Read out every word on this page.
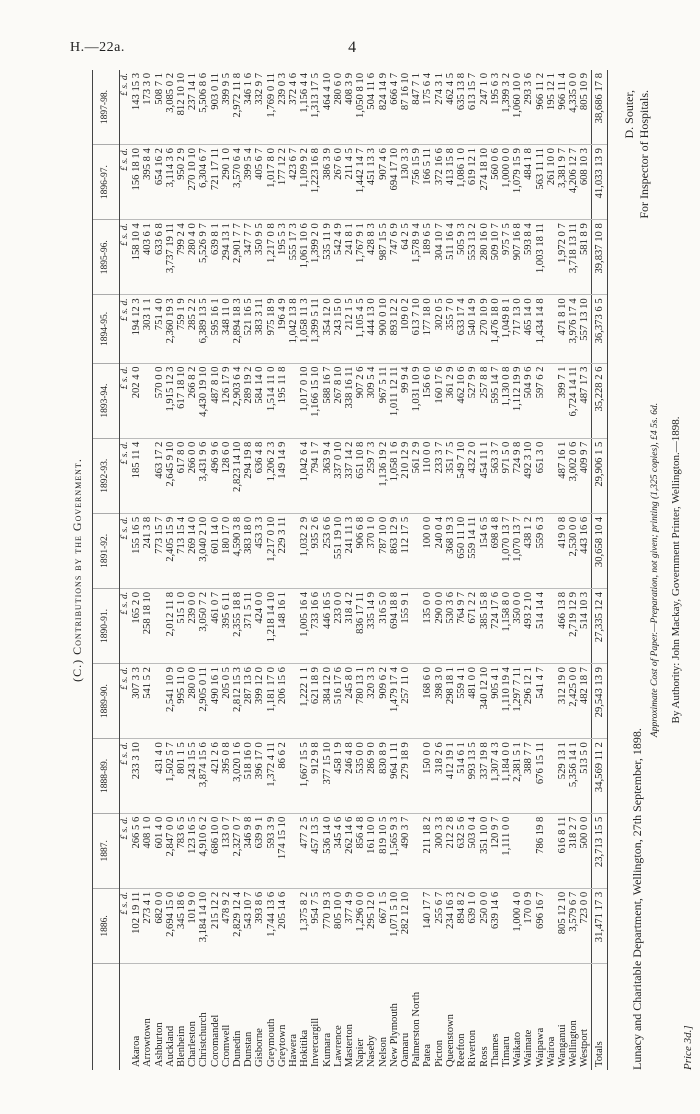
H.—22a.	4
(C.) Contributions by the Government.
	1886.	1887.	1888-89.	1889-90.	1890-91.	1891-92.	1892-93.	1893-94.	1894-95.	1895-96.	1896-97.	1897-98.
	£ s. d.	£ s. d.	£ s. d.	£ s. d.	£ s. d.	£ s. d.	£ s. d.	£ s. d.	£ s. d.	£ s. d.	£ s. d.	£ s. d.
Akaroa	102 19 11	266 5 6	233 3 10	307 3 3	165 2 0	155 16 5	185 11 4	202 4 0	194 12 3	158 10 4	156 18 10	143 15 3
Arrowtown	273 4 1	408 1 0		541 5 2	258 18 10	241 3 8			303 1 1	403 6 1	395 8 4	173 3 0
Ashburton	682 0 0	601 4 0	431 4 0			773 15 7	463 17 2	570 0 0	751 4 0	633 6 8	654 16 2	508 7 1
Auckland	2,694 15 0	2,847 0 0	1,502 5 7	2,541 10 9	2,012 11 8	2,405 15 9	2,645 9 10	1,915 12 3	2,360 19 3	3,737 19 11	3,114 3 6	3,085 0 2
Blenheim	345 18 6	783 6 5	801 1 5	995 11 0	515 1 0	713 15 4	617 8 0	617 18 10	759 1 9	799 2 4	950 2 9	812 10 10
Charleston	101 9 0	123 16 5	243 15 5	280 0 0	239 0 0	269 14 0	266 0 0	266 8 2	285 2 2	280 4 0	270 10 10	237 14 1
Christchurch	3,184 14 10	4,910 6 2	3,874 15 6	2,905 0 11	3,050 7 2	3,040 2 10	3,431 9 6	4,430 19 10	6,389 13 5	5,526 9 7	6,304 6 7	5,506 8 6
Coromandel	215 12 2	686 10 0	421 2 6	490 16 1	461 0 7	601 14 0	496 9 6	487 8 10	595 16 1	639 8 1	721 17 11	903 0 11
Cromwell	478 9 2	133 0 7	395 0 8	205 0 5	395 6 11	180 17 0	128 6 0	126 17 9	348 11 0	294 13 1	290 1 0	399 9 5
Dunedin	2,829 12 4	2,327 0 7	3,020 1 6	2,812 15 3	2,355 18 8	4,590 3 8	2,823 14 10	2,903 6 4	2,894 18 3	2,901 7 7	3,570 6 4	2,972 11 8
Dunstan	543 10 7	346 9 8	518 16 0	287 13 6	371 5 11	383 18 0	294 19 8	289 19 2	521 16 5	347 7 7	399 5 4	346 1 6
Gisborne	393 8 6	639 9 1	396 17 0	399 12 0	424 0 0	453 3 3	636 4 8	584 14 0	383 3 11	350 9 5	405 6 7	332 9 7
Greymouth	1,744 13 6	593 3 9	1,372 4 11	1,181 17 0	1,218 14 10	1,217 0 10	1,206 2 3	1,514 11 0	975 18 9	1,217 0 8	1,017 8 0	1,769 0 11
Greytown	205 14 6	174 15 10	86 6 2	206 15 6	148 16 1	229 3 11	149 14 9	195 11 8	196 4 9	195 5 3	177 12 2	239 0 3
Hawera									1,042 13 8	555 17 3	423 6 7	372 4 6
Hokitika	1,375 8 2	477 2 5	1,667 15 5	1,222 1 1	1,005 16 4	1,032 2 9	1,042 6 4	1,017 0 10	1,058 11 3	1,061 10 6	1,109 9 2	1,156 4 4
Invercargill	954 7 5	457 13 5	912 9 8	621 18 9	733 16 6	935 2 6	794 1 7	1,166 15 10	1,399 5 11	1,399 2 0	1,223 16 8	1,313 17 5
Kumara	770 19 3	536 14 0	377 15 10	384 12 0	446 16 5	253 6 6	363 9 4	588 16 7	354 12 0	535 11 9	386 3 9	464 4 10
Lawrence	805 10 0	345 4 6	458 1 9	516 17 6	233 0 0	551 19 10	337 0 10	267 8 10	243 15 0	542 4 9	267 6 0	280 6 0
Masterton	377 4 9	262 14 6	246 4 8	245 8 0	318 4 2	241 11 3	337 14 2	338 16 11	212 1 5	241 8 1	211 4 5	408 3 9
Napier	1,296 0 0	856 4 8	535 0 0	780 13 1	836 17 11	906 6 8	651 10 8	907 2 6	1,105 4 5	1,767 9 1	1,442 14 7	1,050 8 10
Naseby	295 12 0	161 10 0	286 9 0	320 3 3	335 14 9	370 1 0	259 7 3	309 5 4	444 13 0	428 8 3	451 13 3	504 11 6
Nelson	667 1 5	819 10 5	830 8 9	909 6 2	316 5 0	787 10 0	1,136 19 2	967 5 11	900 0 10	987 15 5	907 4 6	824 14 9
New Plymouth	1,071 5 10	1,565 9 3	964 1 11	1,479 17 4	694 18 8	863 12 9	1,058 1 6	1,011 12 11	893 12 2	747 6 9	694 17 10	666 4 7
Oamaru	282 12 10	490 3 7	279 18 9	257 11 0	155 9 1	112 17 5	210 12 9	99 9 4	109 0 2	64 2 5	130 3 3	87 16 10
Palmerston North							561 2 9	1,031 10 9	613 7 10	1,578 9 4	756 15 9	847 7 1
Patea	140 17 7	211 18 2	150 0 0	168 6 0	135 0 0	100 0 0	110 0 0	156 6 0	177 18 0	189 6 5	166 5 11	175 6 4
Picton	255 6 7	300 3 3	318 2 6	398 3 0	290 0 0	240 0 4	233 3 7	160 17 6	302 0 5	304 10 7	372 16 6	274 3 1
Queenstown	234 16 3	212 2 8	412 19 1	298 18 1	530 3 6	368 19 3	351 7 5	361 2 9	355 7 0	511 16 4	413 15 8	462 4 5
Reefton	894 8 2	632 5 6	514 6 1	559 4 1	764 9 7	650 11 10	549 7 10	462 10 6	633 17 4	505 9 3	1,086 1 0	635 13 8
Riverton	639 1 0	503 0 4	993 13 5	481 0 0	671 2 2	559 14 11	432 2 0	527 9 9	540 14 9	553 13 2	619 12 1	613 15 7
Ross	250 0 0	351 10 0	337 19 8	340 12 10	385 15 8	154 6 5	454 11 1	257 8 8	270 10 9	280 16 0	274 18 10	247 1 0
Thames	639 14 6	120 9 7	1,307 4 3	905 4 1	724 17 6	698 4 8	563 3 7	595 14 7	1,476 18 0	509 10 7	560 0 6	195 6 3
Timaru		1,111 0 0	1,184 0 0	1,110 19 4	1,158 8 0	1,070 13 7	971 5 0	1,130 0 8	1,049 8 1	975 7 5	1,000 0 0	1,399 3 2
Waikato	1,000 4 0		2,381 5 1	1,297 7 11	350 0 0	1,070 13 7	724 9 8	1,112 19 9	717 13 0	907 16 8	1,079 15 9	1,060 10 0
Waimate	170 0 9		388 7 7	296 12 1	493 2 10	438 1 2	492 3 10	504 9 6	465 14 0	593 8 4	484 1 8	293 3 6
Waipawa	696 16 7	786 19 8	676 15 11	541 4 7	514 14 4	559 6 3	651 3 0	597 6 2	1,434 14 8	1,003 18 11	563 11 11	966 11 2
Wairoa											261 10 0	195 12 1
Wanganui	805 12 10	616 8 11	529 13 1	312 19 0	466 13 8	419 0 8	487 16 1	399 7 1	471 8 10	1,972 0 7	3,381 9 7	966 11 4
Wellington	3,579 6 7	318 2 7	5,356 14 1	2,425 0 0	2,719 12 9	2,530 0 0	3,002 0 6	6,724 14 11	3,976 17 4	3,718 13 11	4,206 12 7	4,335 0 0
Westport	723 0 0	500 0 0	513 5 0	482 18 7	514 10 3	443 16 6	409 9 7	487 17 3	557 13 10	581 8 9	608 10 3	805 10 9
Totals	31,471 17 3	23,713 15 5	34,569 11 2	29,543 13 9	27,335 12 4	30,658 10 4	29,906 1 5	35,228 2 6	36,373 6 5	39,837 10 8	41,033 13 9	38,686 17 8
Lunacy and Charitable Department, Wellington, 27th September, 1898.
D. Souter, For Inspector of Hospitals.
Approximate Cost of Paper.—Preparation, not given; printing (1,325 copies), £4 5s. 6d. By Authority: John Mackay, Government Printer, Wellington.—1898.
Price 3d.]
